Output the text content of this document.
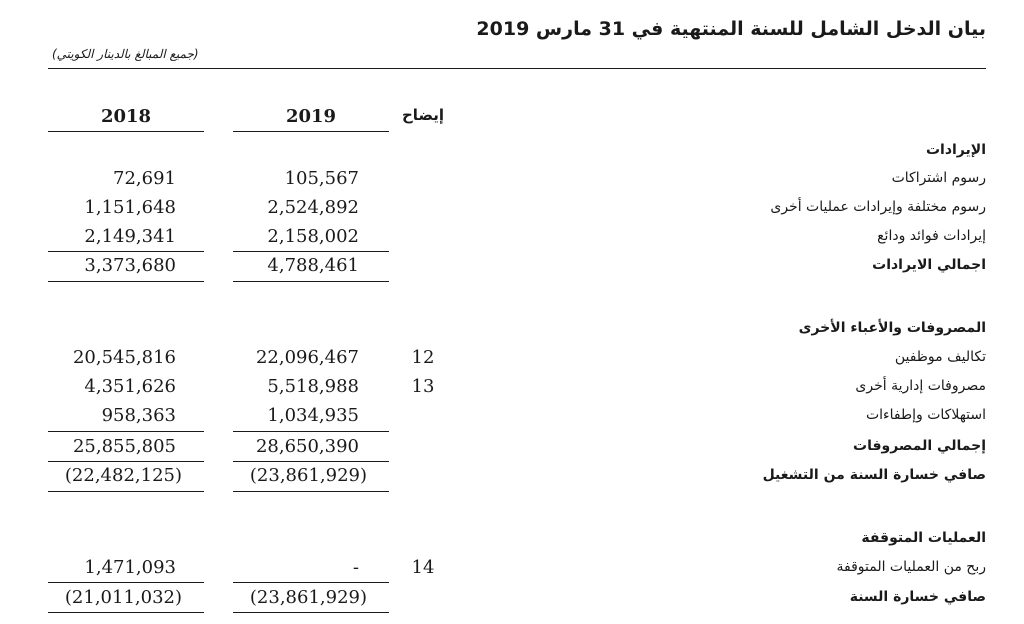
بيان الدخل الشامل للسنة المنتهية في 31 مارس 2019
(جميع المبالغ بالدينار الكويتي)
2018	2019	إيضاح
الإيرادات
رسوم اشتراكات
105,567
72,691
رسوم مختلفة وإيرادات عمليات أخرى
2,524,892
1,151,648
إيرادات فوائد ودائع
2,158,002
2,149,341
اجمالي الايرادات
4,788,461
3,373,680
المصروفات والأعباء الأخرى
تكاليف موظفين
12
22,096,467
20,545,816
مصروفات إدارية أخرى
13
5,518,988
4,351,626
استهلاكات وإطفاءات
1,034,935
958,363
إجمالي المصروفات
28,650,390
25,855,805
صافي خسارة السنة من التشغيل
(23,861,929)
(22,482,125)
العمليات المتوقفة
ربح من العمليات المتوقفة
14
-
1,471,093
صافي خسارة السنة
(23,861,929)
(21,011,032)
